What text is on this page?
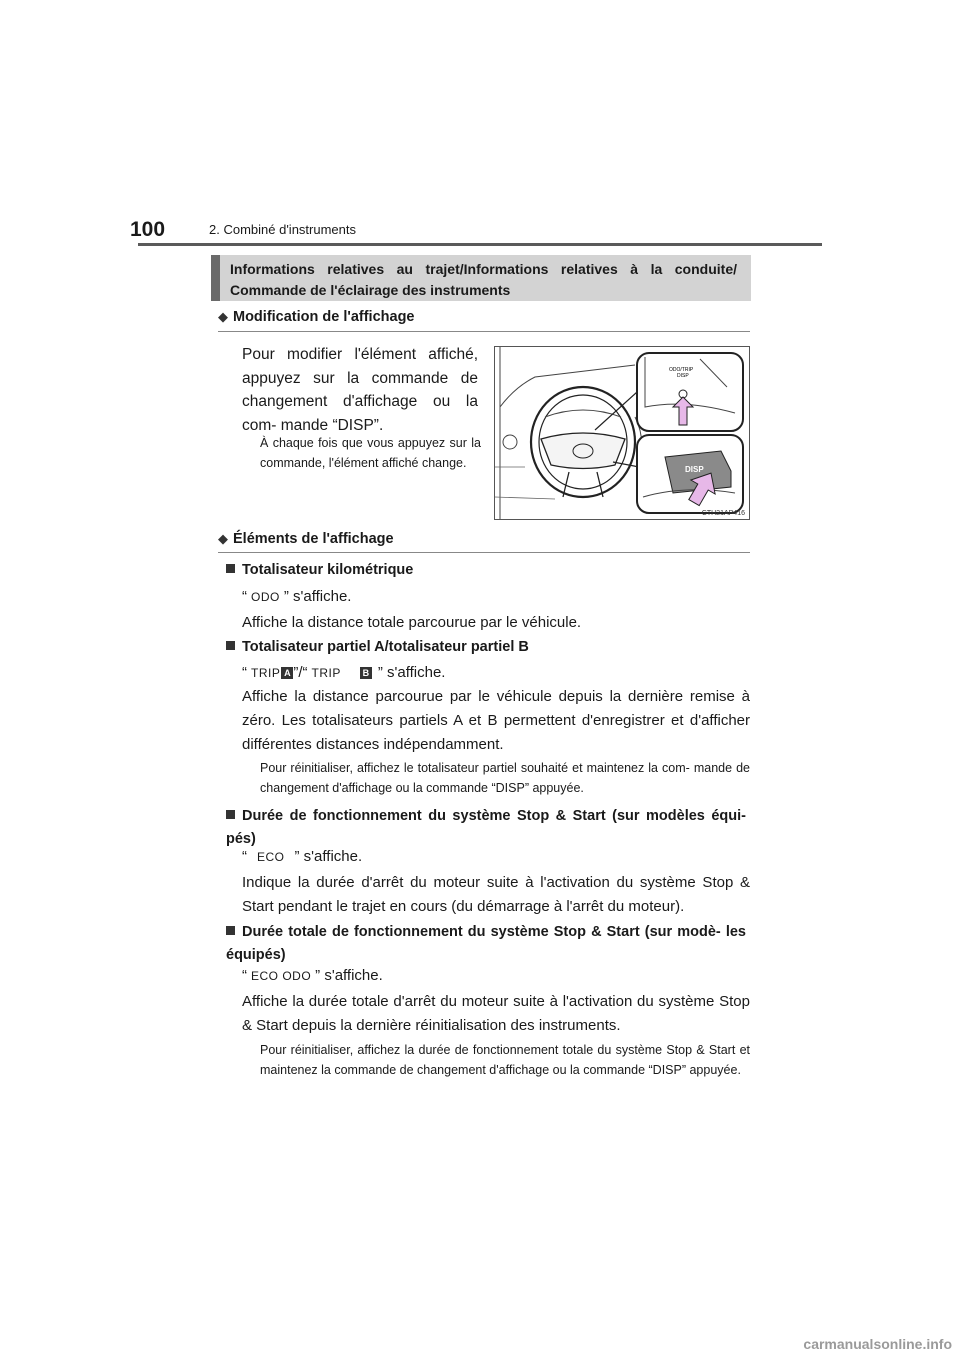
100	2. Combiné d'instruments
Informations relatives au trajet/Informations relatives à la conduite/ Commande de l'éclairage des instruments
◆ Modification de l'affichage
Pour modifier l'élément affiché, appuyez sur la commande de changement d'affichage ou la com- mande “DISP”.
À chaque fois que vous appuyez sur la commande, l'élément affiché change.
ODO/TRIP
DISP
DISP
CTH21AP416
◆ Éléments de l'affichage
Totalisateur kilométrique
“ ODO ” s'affiche.
Affiche la distance totale parcourue par le véhicule.
Totalisateur partiel A/totalisateur partiel B
“ TRIP A ”/“ TRIP B ” s'affiche.
Affiche la distance parcourue par le véhicule depuis la dernière remise à zéro. Les totalisateurs partiels A et B permettent d'enregistrer et d'afficher différentes distances indépendamment.
Pour réinitialiser, affichez le totalisateur partiel souhaité et maintenez la com- mande de changement d'affichage ou la commande “DISP” appuyée.
Durée de fonctionnement du système Stop & Start (sur modèles équi- pés)
“ ECO ” s'affiche.
Indique la durée d'arrêt du moteur suite à l'activation du système Stop & Start pendant le trajet en cours (du démarrage à l'arrêt du moteur).
Durée totale de fonctionnement du système Stop & Start (sur modè- les équipés)
“ ECO ODO ” s'affiche.
Affiche la durée totale d'arrêt du moteur suite à l'activation du système Stop & Start depuis la dernière réinitialisation des instruments.
Pour réinitialiser, affichez la durée de fonctionnement totale du système Stop & Start et maintenez la commande de changement d'affichage ou la commande “DISP” appuyée.
carmanualsonline.info
